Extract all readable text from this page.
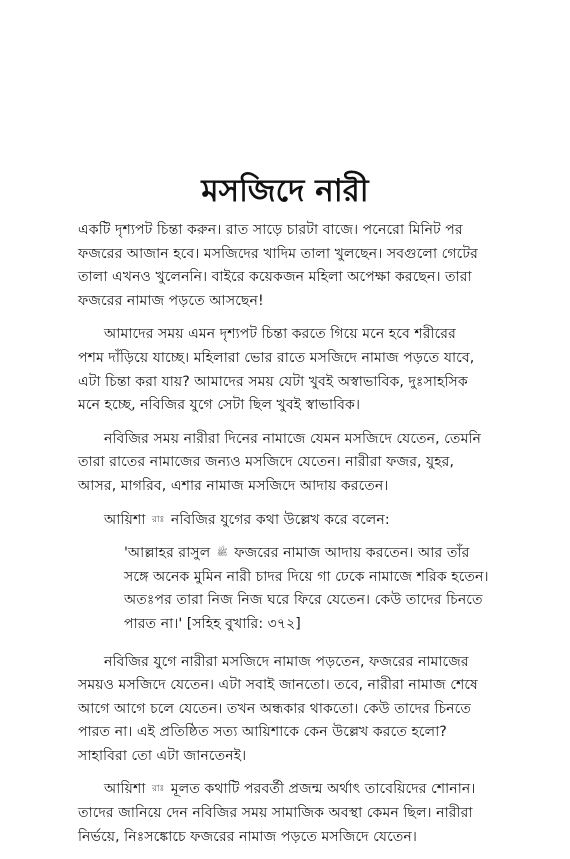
মসজিদে নারী

একটি দৃশ্যপট চিন্তা করুন। রাত সাড়ে চারটা বাজে। পনেরো মিনিট পর
ফজরের আজান হবে। মসজিদের খাদিম তালা খুলছেন। সবগুলো গেটের
তালা এখনও খুলেননি। বাইরে কয়েকজন মহিলা অপেক্ষা করছেন। তারা
ফজরের নামাজ পড়তে আসছেন!

আমাদের সময় এমন দৃশ্যপট চিন্তা করতে গিয়ে মনে হবে শরীরের
পশম দাঁড়িয়ে যাচ্ছে। মহিলারা ভোর রাতে মসজিদে নামাজ পড়তে যাবে,
এটা চিন্তা করা যায়? আমাদের সময় যেটা খুবই অস্বাভাবিক, দুঃসাহসিক
মনে হচ্ছে, নবিজির যুগে সেটা ছিল খুবই স্বাভাবিক।

নবিজির সময় নারীরা দিনের নামাজে যেমন মসজিদে যেতেন, তেমনি
তারা রাতের নামাজের জন্যও মসজিদে যেতেন। নারীরা ফজর, যুহর,
আসর, মাগরিব, এশার নামাজ মসজিদে আদায় করতেন।

আয়িশা রাঃ নবিজির যুগের কথা উল্লেখ করে বলেন:

'আল্লাহর রাসুল ﷺ ফজরের নামাজ আদায় করতেন। আর তাঁর
সঙ্গে অনেক মুমিন নারী চাদর দিয়ে গা ঢেকে নামাজে শরিক হতেন।
অতঃপর তারা নিজ নিজ ঘরে ফিরে যেতেন। কেউ তাদের চিনতে
পারত না।' [সহিহ বুখারি: ৩৭২]

নবিজির যুগে নারীরা মসজিদে নামাজ পড়তেন, ফজরের নামাজের
সময়ও মসজিদে যেতেন। এটা সবাই জানতো। তবে, নারীরা নামাজ শেষে
আগে আগে চলে যেতেন। তখন অন্ধকার থাকতো। কেউ তাদের চিনতে
পারত না। এই প্রতিষ্ঠিত সত্য আয়িশাকে কেন উল্লেখ করতে হলো?
সাহাবিরা তো এটা জানতেনই।

আয়িশা রাঃ মূলত কথাটি পরবর্তী প্রজন্ম অর্থাৎ তাবেয়িদের শোনান।
তাদের জানিয়ে দেন নবিজির সময় সামাজিক অবস্থা কেমন ছিল। নারীরা
নির্ভয়ে, নিঃসঙ্কোচে ফজরের নামাজ পড়তে মসজিদে যেতেন।
